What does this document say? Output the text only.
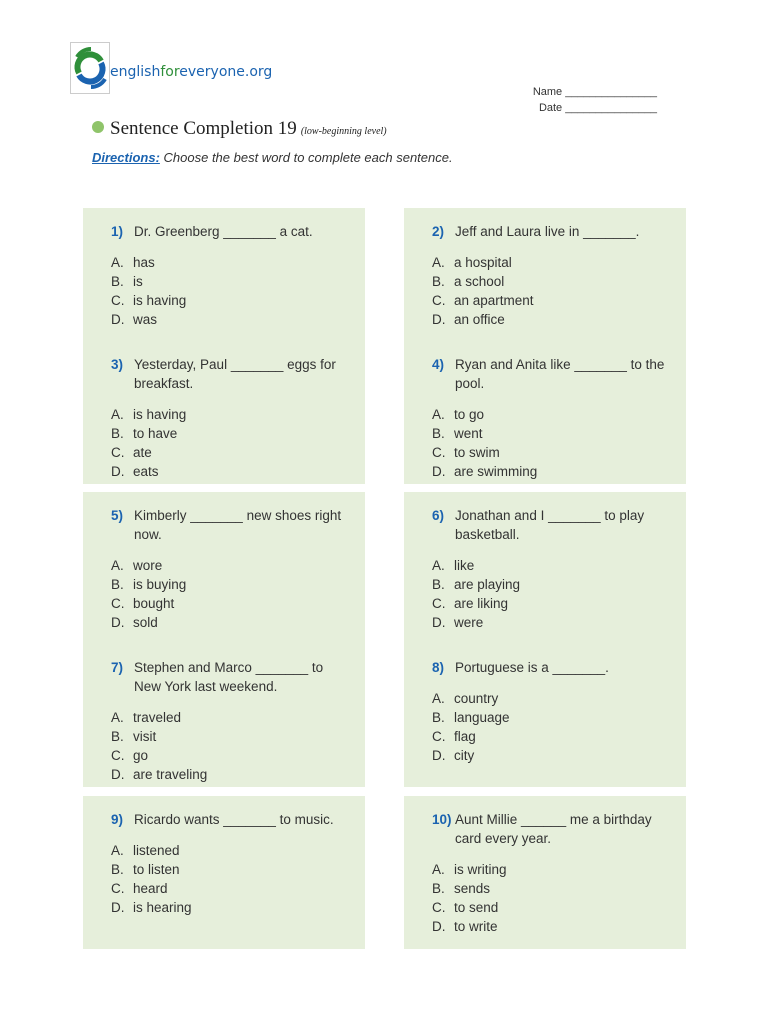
englishforeveryone.org
Name _______________
Date _______________
Sentence Completion 19 (low-beginning level)
Directions: Choose the best word to complete each sentence.
1) Dr. Greenberg _______ a cat.
A. has
B. is
C. is having
D. was
2) Jeff and Laura live in _______.
A. a hospital
B. a school
C. an apartment
D. an office
3) Yesterday, Paul _______ eggs for breakfast.
A. is having
B. to have
C. ate
D. eats
4) Ryan and Anita like _______ to the pool.
A. to go
B. went
C. to swim
D. are swimming
5) Kimberly _______ new shoes right now.
A. wore
B. is buying
C. bought
D. sold
6) Jonathan and I _______ to play basketball.
A. like
B. are playing
C. are liking
D. were
7) Stephen and Marco _______ to New York last weekend.
A. traveled
B. visit
C. go
D. are traveling
8) Portuguese is a _______.
A. country
B. language
C. flag
D. city
9) Ricardo wants _______ to music.
A. listened
B. to listen
C. heard
D. is hearing
10) Aunt Millie ______ me a birthday card every year.
A. is writing
B. sends
C. to send
D. to write
